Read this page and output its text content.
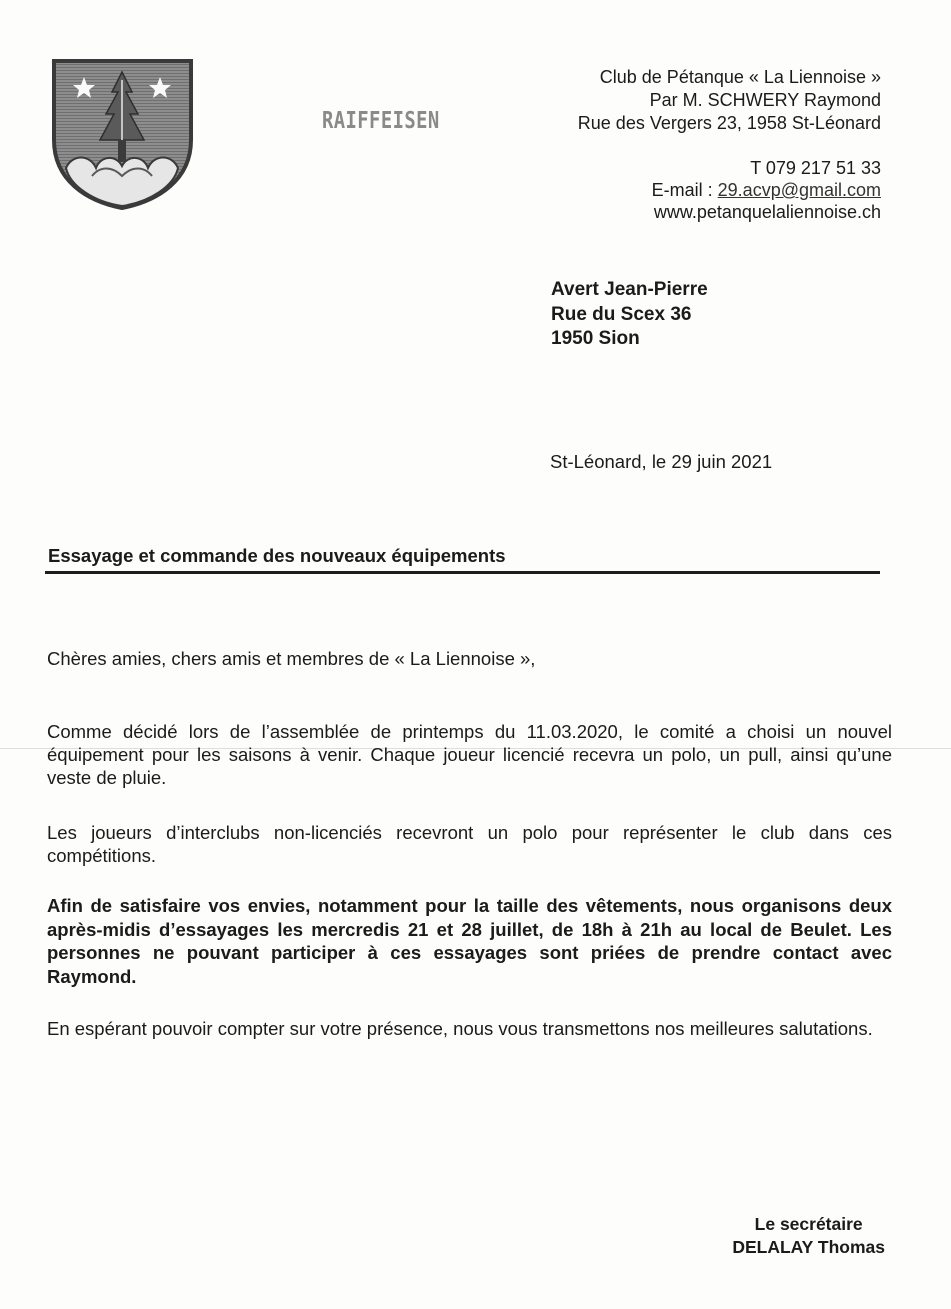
RAIFFEISEN
Club de Pétanque « La Liennoise »
Par M. SCHWERY Raymond
Rue des Vergers 23, 1958 St-Léonard
T 079 217 51 33
E-mail : 29.acvp@gmail.com
www.petanquelaliennoise.ch
Avert Jean-Pierre
Rue du Scex 36
1950 Sion
St-Léonard, le 29 juin 2021
Essayage et commande des nouveaux équipements
Chères amies, chers amis et membres de « La Liennoise »,
Comme décidé lors de l’assemblée de printemps du 11.03.2020, le comité a choisi un nouvel équipement pour les saisons à venir. Chaque joueur licencié recevra un polo, un pull, ainsi qu’une veste de pluie.
Les joueurs d’interclubs non-licenciés recevront un polo pour représenter le club dans ces compétitions.
Afin de satisfaire vos envies, notamment pour la taille des vêtements, nous organisons deux après-midis d’essayages les mercredis 21 et 28 juillet, de 18h à 21h au local de Beulet. Les personnes ne pouvant participer à ces essayages sont priées de prendre contact avec Raymond.
En espérant pouvoir compter sur votre présence, nous vous transmettons nos meilleures salutations.
Le secrétaire
DELALAY Thomas
